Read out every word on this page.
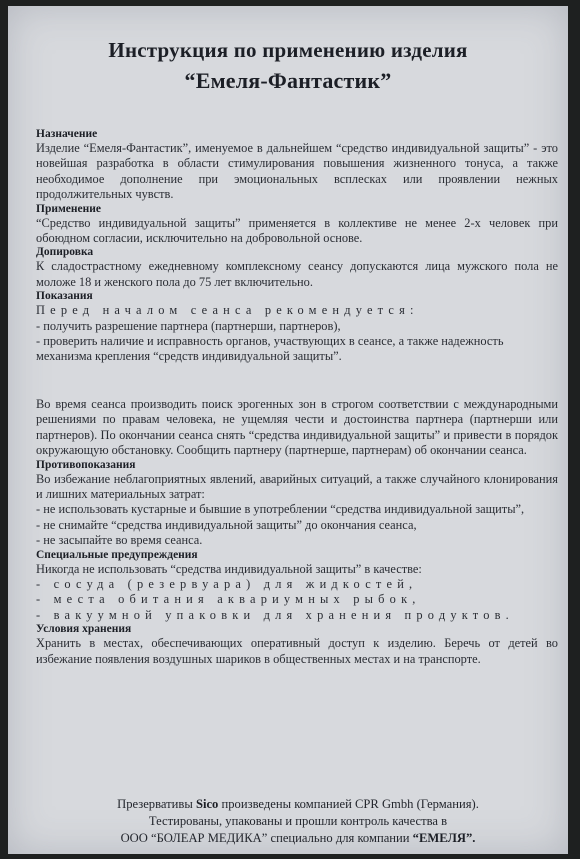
Инструкция по применению изделия
“Емеля-Фантастик”
Назначение
Изделие “Емеля-Фантастик”, именуемое в дальнейшем “средство индивидуальной защиты” - это новейшая разработка в области стимулирования повышения жизненного тонуса, а также необходимое дополнение при эмоциональных всплесках или проявлении нежных продолжительных чувств.
Применение
“Средство индивидуальной защиты” применяется в коллективе не менее 2-х человек при обоюдном согласии, исключительно на добровольной основе.
Допировка
К сладострастному ежедневному комплексному сеансу допускаются лица мужского пола не моложе 18 и женского пола до 75 лет включительно.
Показания
Перед началом сеанса рекомендуется:
- получить разрешение партнера (партнерши, партнеров),
- проверить наличие и исправность органов, участвующих в сеансе, а также надежность механизма крепления “средств индивидуальной защиты”.
Во время сеанса производить поиск эрогенных зон в строгом соответствии с международными решениями по правам человека, не ущемляя чести и достоинства партнера (партнерши или партнеров). По окончании сеанса снять “средства индивидуальной защиты” и привести в порядок окружающую обстановку. Сообщить партнеру (партнерше, партнерам) об окончании сеанса.
Противопоказания
Во избежание неблагоприятных явлений, аварийных ситуаций, а также случайного клонирования и лишних материальных затрат:
- не использовать кустарные и бывшие в употреблении “средства индивидуальной защиты”,
- не снимайте “средства индивидуальной защиты” до окончания сеанса,
- не засыпайте во время сеанса.
Специальные предупреждения
Никогда не использовать “средства индивидуальной защиты” в качестве:
- сосуда (резервуара) для жидкостей,
- места обитания аквариумных рыбок,
- вакуумной упаковки для хранения продуктов.
Условия хранения
Хранить в местах, обеспечивающих оперативный доступ к изделию. Беречь от детей во избежание появления воздушных шариков в общественных местах и на транспорте.
Презервативы Sico произведены компанией CPR Gmbh (Германия).
Тестированы, упакованы и прошли контроль качества в
ООО “БОЛЕАР МЕДИКА” специально для компании “ЕМЕЛЯ”.
